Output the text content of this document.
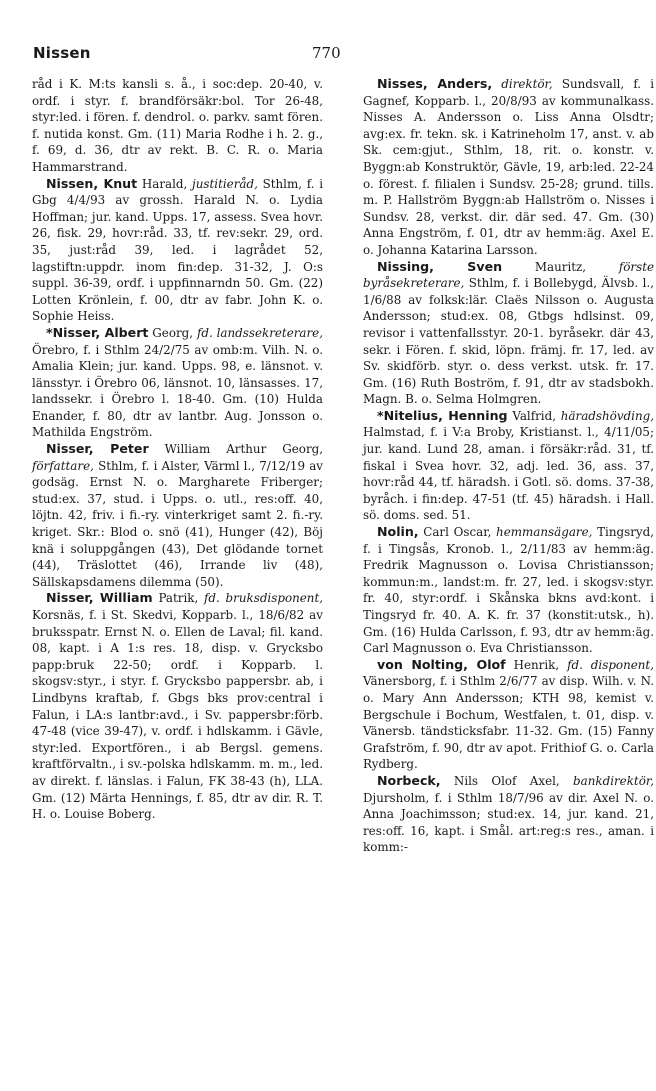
Nissen	770

råd i K. M:ts kansli s. å., i soc:dep. 20-40, v. ordf. i styr. f. brandförsäkr:bol. Tor 26-48, styr:led. i fören. f. dendrol. o. parkv. samt fören. f. nutida konst. Gm. (11) Maria Rodhe i h. 2. g., f. 69, d. 36, dtr av rekt. B. C. R. o. Maria Hammarstrand.

Nissen, Knut Harald, justitieråd, Sthlm, f. i Gbg 4/4/93 av grossh. Harald N. o. Lydia Hoffman; jur. kand. Upps. 17, assess. Svea hovr. 26, fisk. 29, hovr:råd. 33, tf. rev:sekr. 29, ord. 35, just:råd 39, led. i lagrådet 52, lagstiftn:uppdr. inom fin:dep. 31-32, J. O:s suppl. 36-39, ordf. i uppfinnarndn 50. Gm. (22) Lotten Krönlein, f. 00, dtr av fabr. John K. o. Sophie Heiss.

*Nisser, Albert Georg, fd. landssekreterare, Örebro, f. i Sthlm 24/2/75 av omb:m. Vilh. N. o. Amalia Klein; jur. kand. Upps. 98, e. länsnot. v. länsstyr. i Örebro 06, länsnot. 10, länsasses. 17, landssekr. i Örebro l. 18-40. Gm. (10) Hulda Enander, f. 80, dtr av lantbr. Aug. Jonsson o. Mathilda Engström.

Nisser, Peter William Arthur Georg, författare, Sthlm, f. i Alster, Värml l., 7/12/19 av godsäg. Ernst N. o. Margharete Friberger; stud:ex. 37, stud. i Upps. o. utl., res:off. 40, löjtn. 42, friv. i fi.-ry. vinterkriget samt 2. fi.-ry. kriget. Skr.: Blod o. snö (41), Hunger (42), Böj knä i soluppgången (43), Det glödande tornet (44), Träslottet (46), Irrande liv (48), Sällskapsdamens dilemma (50).

Nisser, William Patrik, fd. bruksdisponent, Korsnäs, f. i St. Skedvi, Kopparb. l., 18/6/82 av bruksspatr. Ernst N. o. Ellen de Laval; fil. kand. 08, kapt. i A 1:s res. 18, disp. v. Grycksbo papp:bruk 22-50; ordf. i Kopparb. l. skogsv:styr., i styr. f. Grycksbo pappersbr. ab, i Lindbyns kraftab, f. Gbgs bks prov:central i Falun, i LA:s lantbr:avd., i Sv. pappersbr:förb. 47-48 (vice 39-47), v. ordf. i hdlskamm. i Gävle, styr:led. Exportfören., i ab Bergsl. gemens. kraftförvaltn., i sv.-polska hdlskamm. m. m., led. av direkt. f. länslas. i Falun, FK 38-43 (h), LLA. Gm. (12) Märta Hennings, f. 85, dtr av dir. R. T. H. o. Louise Boberg.

Nisses, Anders, direktör, Sundsvall, f. i Gagnef, Kopparb. l., 20/8/93 av kommunalkass. Nisses A. Andersson o. Liss Anna Olsdtr; avg:ex. fr. tekn. sk. i Katrineholm 17, anst. v. ab Sk. cem:gjut., Sthlm, 18, rit. o. konstr. v. Byggn:ab Konstruktör, Gävle, 19, arb:led. 22-24 o. förest. f. filialen i Sundsv. 25-28; grund. tills. m. P. Hallström Byggn:ab Hallström o. Nisses i Sundsv. 28, verkst. dir. där sed. 47. Gm. (30) Anna Engström, f. 01, dtr av hemm:äg. Axel E. o. Johanna Katarina Larsson.

Nissing, Sven	Mauritz,	förste byråsekreterare, Sthlm, f. i Bollebygd, Älvsb. l., 1/6/88 av folksk:lär. Claës Nilsson o. Augusta Andersson; stud:ex. 08, Gtbgs hdlsinst. 09, revisor i vattenfallsstyr. 20-1. byråsekr. där 43, sekr. i Fören. f. skid, löpn. främj. fr. 17, led. av Sv. skidförb. styr. o. dess verkst. utsk. fr. 17. Gm. (16) Ruth Boström, f. 91, dtr av stadsbokh. Magn. B. o. Selma Holmgren.

*Nitelius, Henning Valfrid, häradshövding, Halmstad, f. i V:a Broby, Kristianst. l., 4/11/05; jur. kand. Lund 28, aman. i försäkr:råd. 31, tf. fiskal i Svea hovr. 32, adj. led. 36, ass. 37, hovr:råd 44, tf. häradsh. i Gotl. sö. doms. 37-38, byråch. i fin:dep. 47-51 (tf. 45) häradsh. i Hall. sö. doms. sed. 51.

Nolin, Carl Oscar, hemmansägare, Tingsryd, f. i Tingsås, Kronob. l., 2/11/83 av hemm:äg. Fredrik Magnusson o. Lovisa Christiansson; kommun:m., landst:m. fr. 27, led. i skogsv:styr. fr. 40, styr:ordf. i Skånska bkns avd:kont. i Tingsryd fr. 40. A. K. fr. 37 (konstit:utsk., h). Gm. (16) Hulda Carlsson, f. 93, dtr av hemm:äg. Carl Magnusson o. Eva Christiansson.

von Nolting, Olof Henrik, fd. disponent, Vänersborg, f. i Sthlm 2/6/77 av disp. Wilh. v. N. o. Mary Ann Andersson; KTH 98, kemist v. Bergschule i Bochum, Westfalen, t. 01, disp. v. Vänersb. tändsticksfabr. 11-32. Gm. (15) Fanny Grafström, f. 90, dtr av apot. Frithiof G. o. Carla Rydberg.

Norbeck, Nils Olof Axel, bankdirektör, Djursholm, f. i Sthlm 18/7/96 av dir. Axel N. o. Anna Joachimsson; stud:ex. 14, jur. kand. 21, res:off. 16, kapt. i Smål. art:reg:s res., aman. i komm:-
